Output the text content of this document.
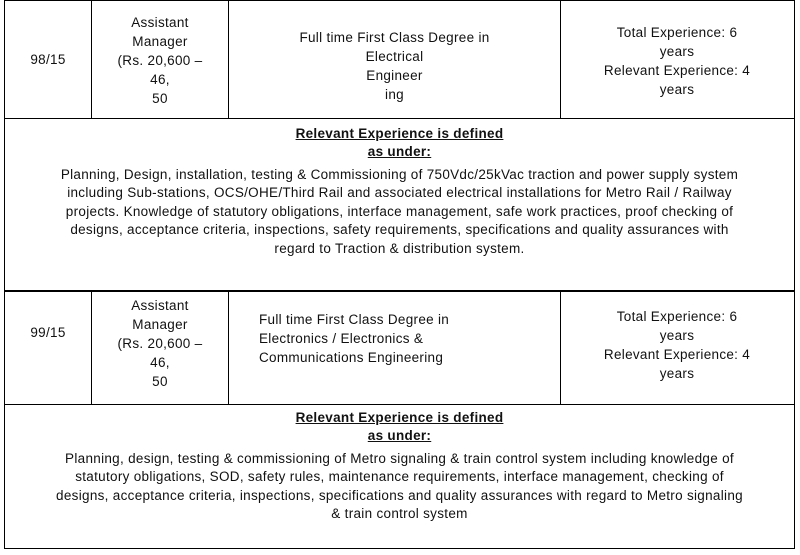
98/15
Assistant
Manager
(Rs. 20,600 –
46,
50
Full time First Class Degree in
Electrical
Engineer
ing
Total Experience: 6
years
Relevant Experience: 4
years
Relevant Experience is defined
as under:
Planning, Design, installation, testing & Commissioning of 750Vdc/25kVac traction and power supply system
including Sub-stations, OCS/OHE/Third Rail and associated electrical installations for Metro Rail / Railway
projects. Knowledge of statutory obligations, interface management, safe work practices, proof checking of
designs, acceptance criteria, inspections, safety requirements, specifications and quality assurances with
regard to Traction & distribution system.
99/15
Assistant
Manager
(Rs. 20,600 –
46,
50
Full time First Class Degree in
Electronics / Electronics &
Communications Engineering
Total Experience: 6
years
Relevant Experience: 4
years
Relevant Experience is defined
as under:
Planning, design, testing & commissioning of Metro signaling & train control system including knowledge of
statutory obligations, SOD, safety rules, maintenance requirements, interface management, checking of
designs, acceptance criteria, inspections, specifications and quality assurances with regard to Metro signaling
& train control system
